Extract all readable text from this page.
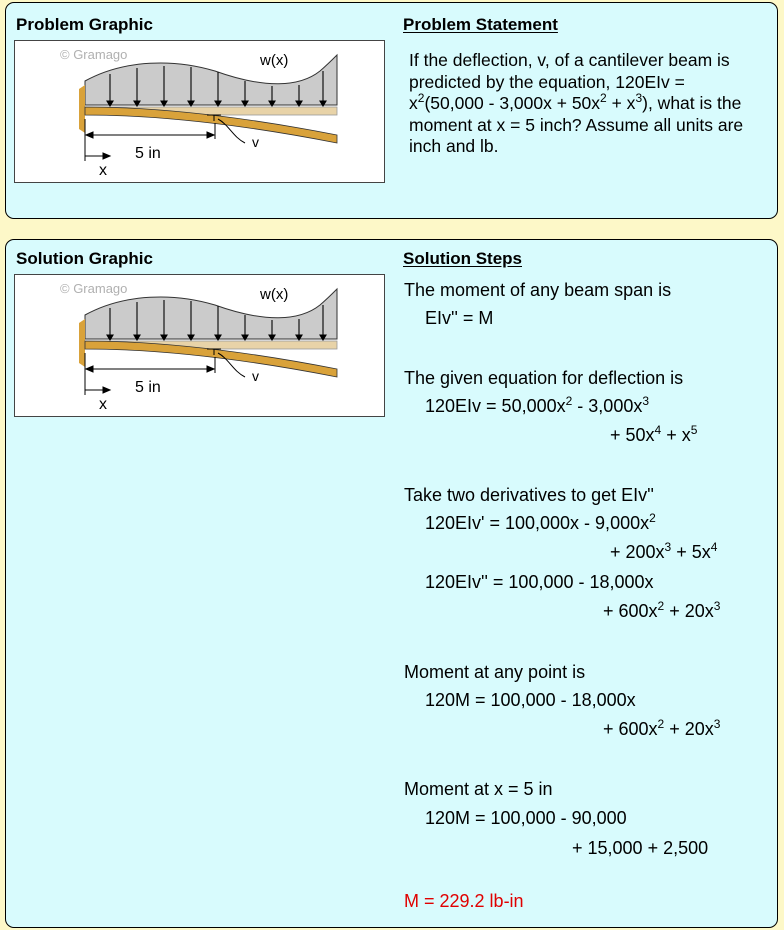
Problem Graphic	Problem Statement
© Gramago	w(x)
v
5 in
x
If the deflection, v, of a cantilever beam is predicted by the equation, $120EIv = x^2(50,000 - 3,000x + 50x^2 + x^3)$, what is the moment at x = 5 inch? Assume all units are inch and lb.
Solution Graphic	Solution Steps
© Gramago	w(x)
v
5 in
x
The moment of any beam span is
EIv'' = M
The given equation for deflection is
$120EIv = 50,000x^2 - 3,000x^3$
+ $50x^4 + x^5$
Take two derivatives to get EIv''
$120EIv' = 100,000x - 9,000x^2$
+ $200x^3 + 5x^4$
120EIv'' = 100,000 - 18,000x
+ $600x^2 + 20x^3$
Moment at any point is
120M = 100,000 - 18,000x
+ $600x^2 + 20x^3$
Moment at x = 5 in
120M = 100,000 - 90,000
+ 15,000 + 2,500
M = 229.2 lb-in
